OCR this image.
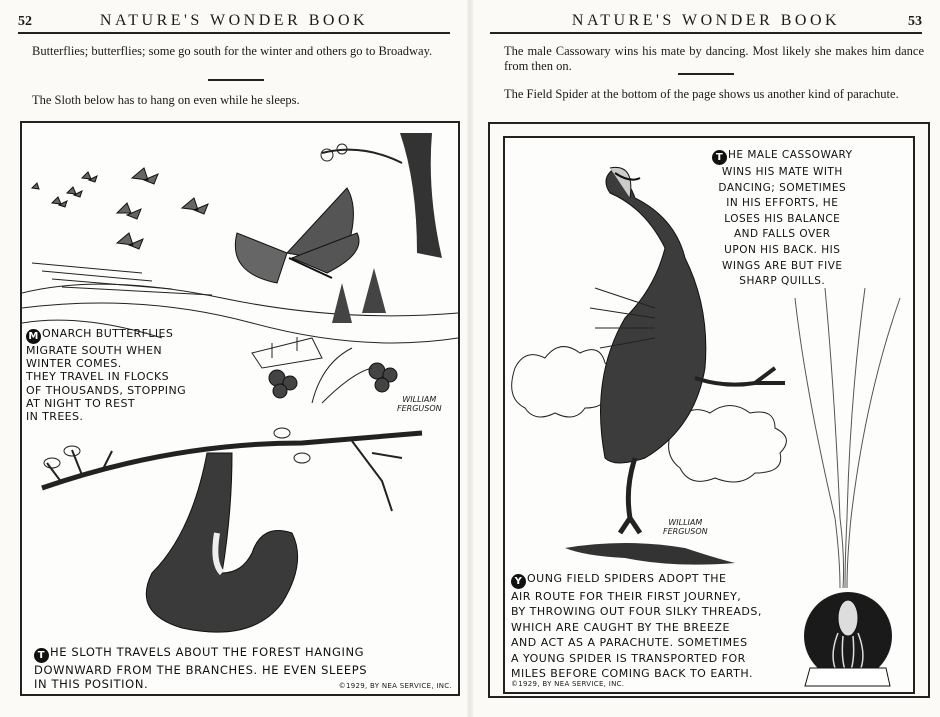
52	NATURE'S WONDER BOOK
Butterflies; butterflies; some go south for the winter and others go to Broadway.
The Sloth below has to hang on even while he sleeps.
M ONARCH BUTTERFLIES
MIGRATE SOUTH WHEN
WINTER COMES.
THEY TRAVEL IN FLOCKS
OF THOUSANDS, STOPPING
AT NIGHT TO REST
IN TREES.
WILLIAM
FERGUSON
T HE SLOTH TRAVELS ABOUT THE FOREST HANGING
DOWNWARD FROM THE BRANCHES. HE EVEN SLEEPS
IN THIS POSITION.	©1929, BY NEA SERVICE, INC.
NATURE'S WONDER BOOK	53
The male Cassowary wins his mate by dancing. Most likely she makes him dance from then on.
The Field Spider at the bottom of the page shows us another kind of parachute.
T HE MALE CASSOWARY
WINS HIS MATE WITH
DANCING; SOMETIMES
IN HIS EFFORTS, HE
LOSES HIS BALANCE
AND FALLS OVER
UPON HIS BACK. HIS
WINGS ARE BUT FIVE
SHARP QUILLS.
WILLIAM
FERGUSON
Y OUNG FIELD SPIDERS ADOPT THE
AIR ROUTE FOR THEIR FIRST JOURNEY,
BY THROWING OUT FOUR SILKY THREADS,
WHICH ARE CAUGHT BY THE BREEZE
AND ACT AS A PARACHUTE. SOMETIMES
A YOUNG SPIDER IS TRANSPORTED FOR
MILES BEFORE COMING BACK TO EARTH.
©1929, BY NEA SERVICE, INC.
